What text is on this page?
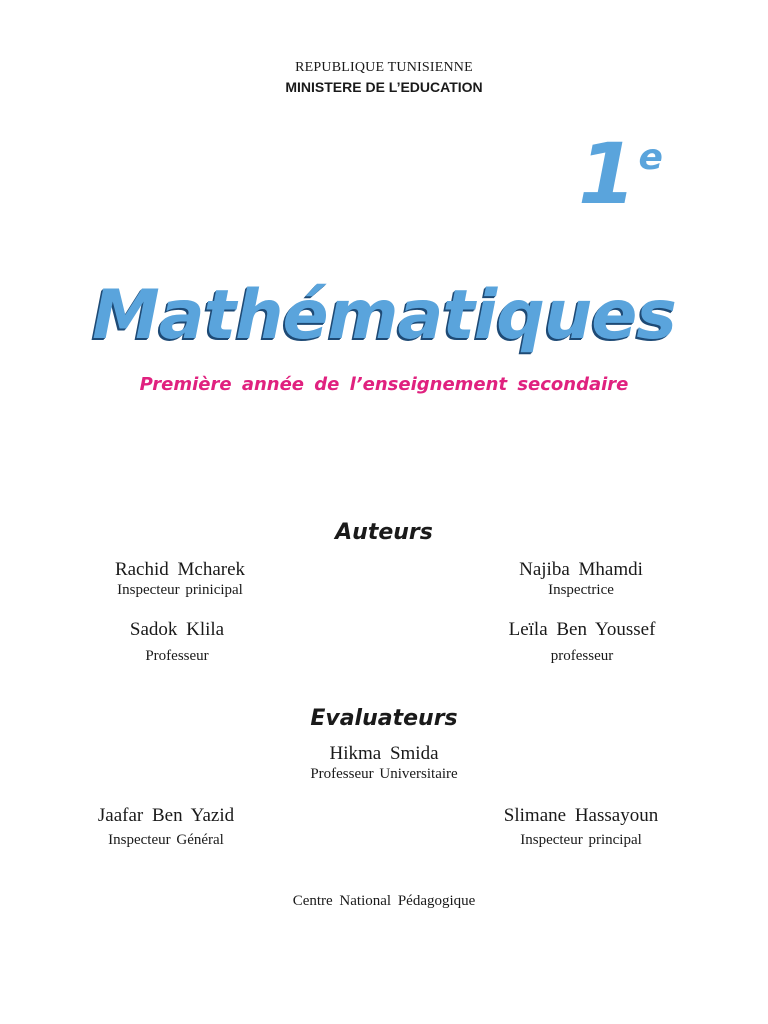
REPUBLIQUE TUNISIENNE
MINISTERE DE L’EDUCATION
1 $^e$
Mathématiques
Première année de l’enseignement secondaire
Auteurs
Rachid Mcharek
Inspecteur prinicipal
Najiba Mhamdi
Inspectrice
Sadok Klila
Professeur
Leïla Ben Youssef
professeur
Evaluateurs
Hikma Smida
Professeur Universitaire
Jaafar Ben Yazid
Inspecteur Général
Slimane Hassayoun
Inspecteur principal
Centre National Pédagogique
